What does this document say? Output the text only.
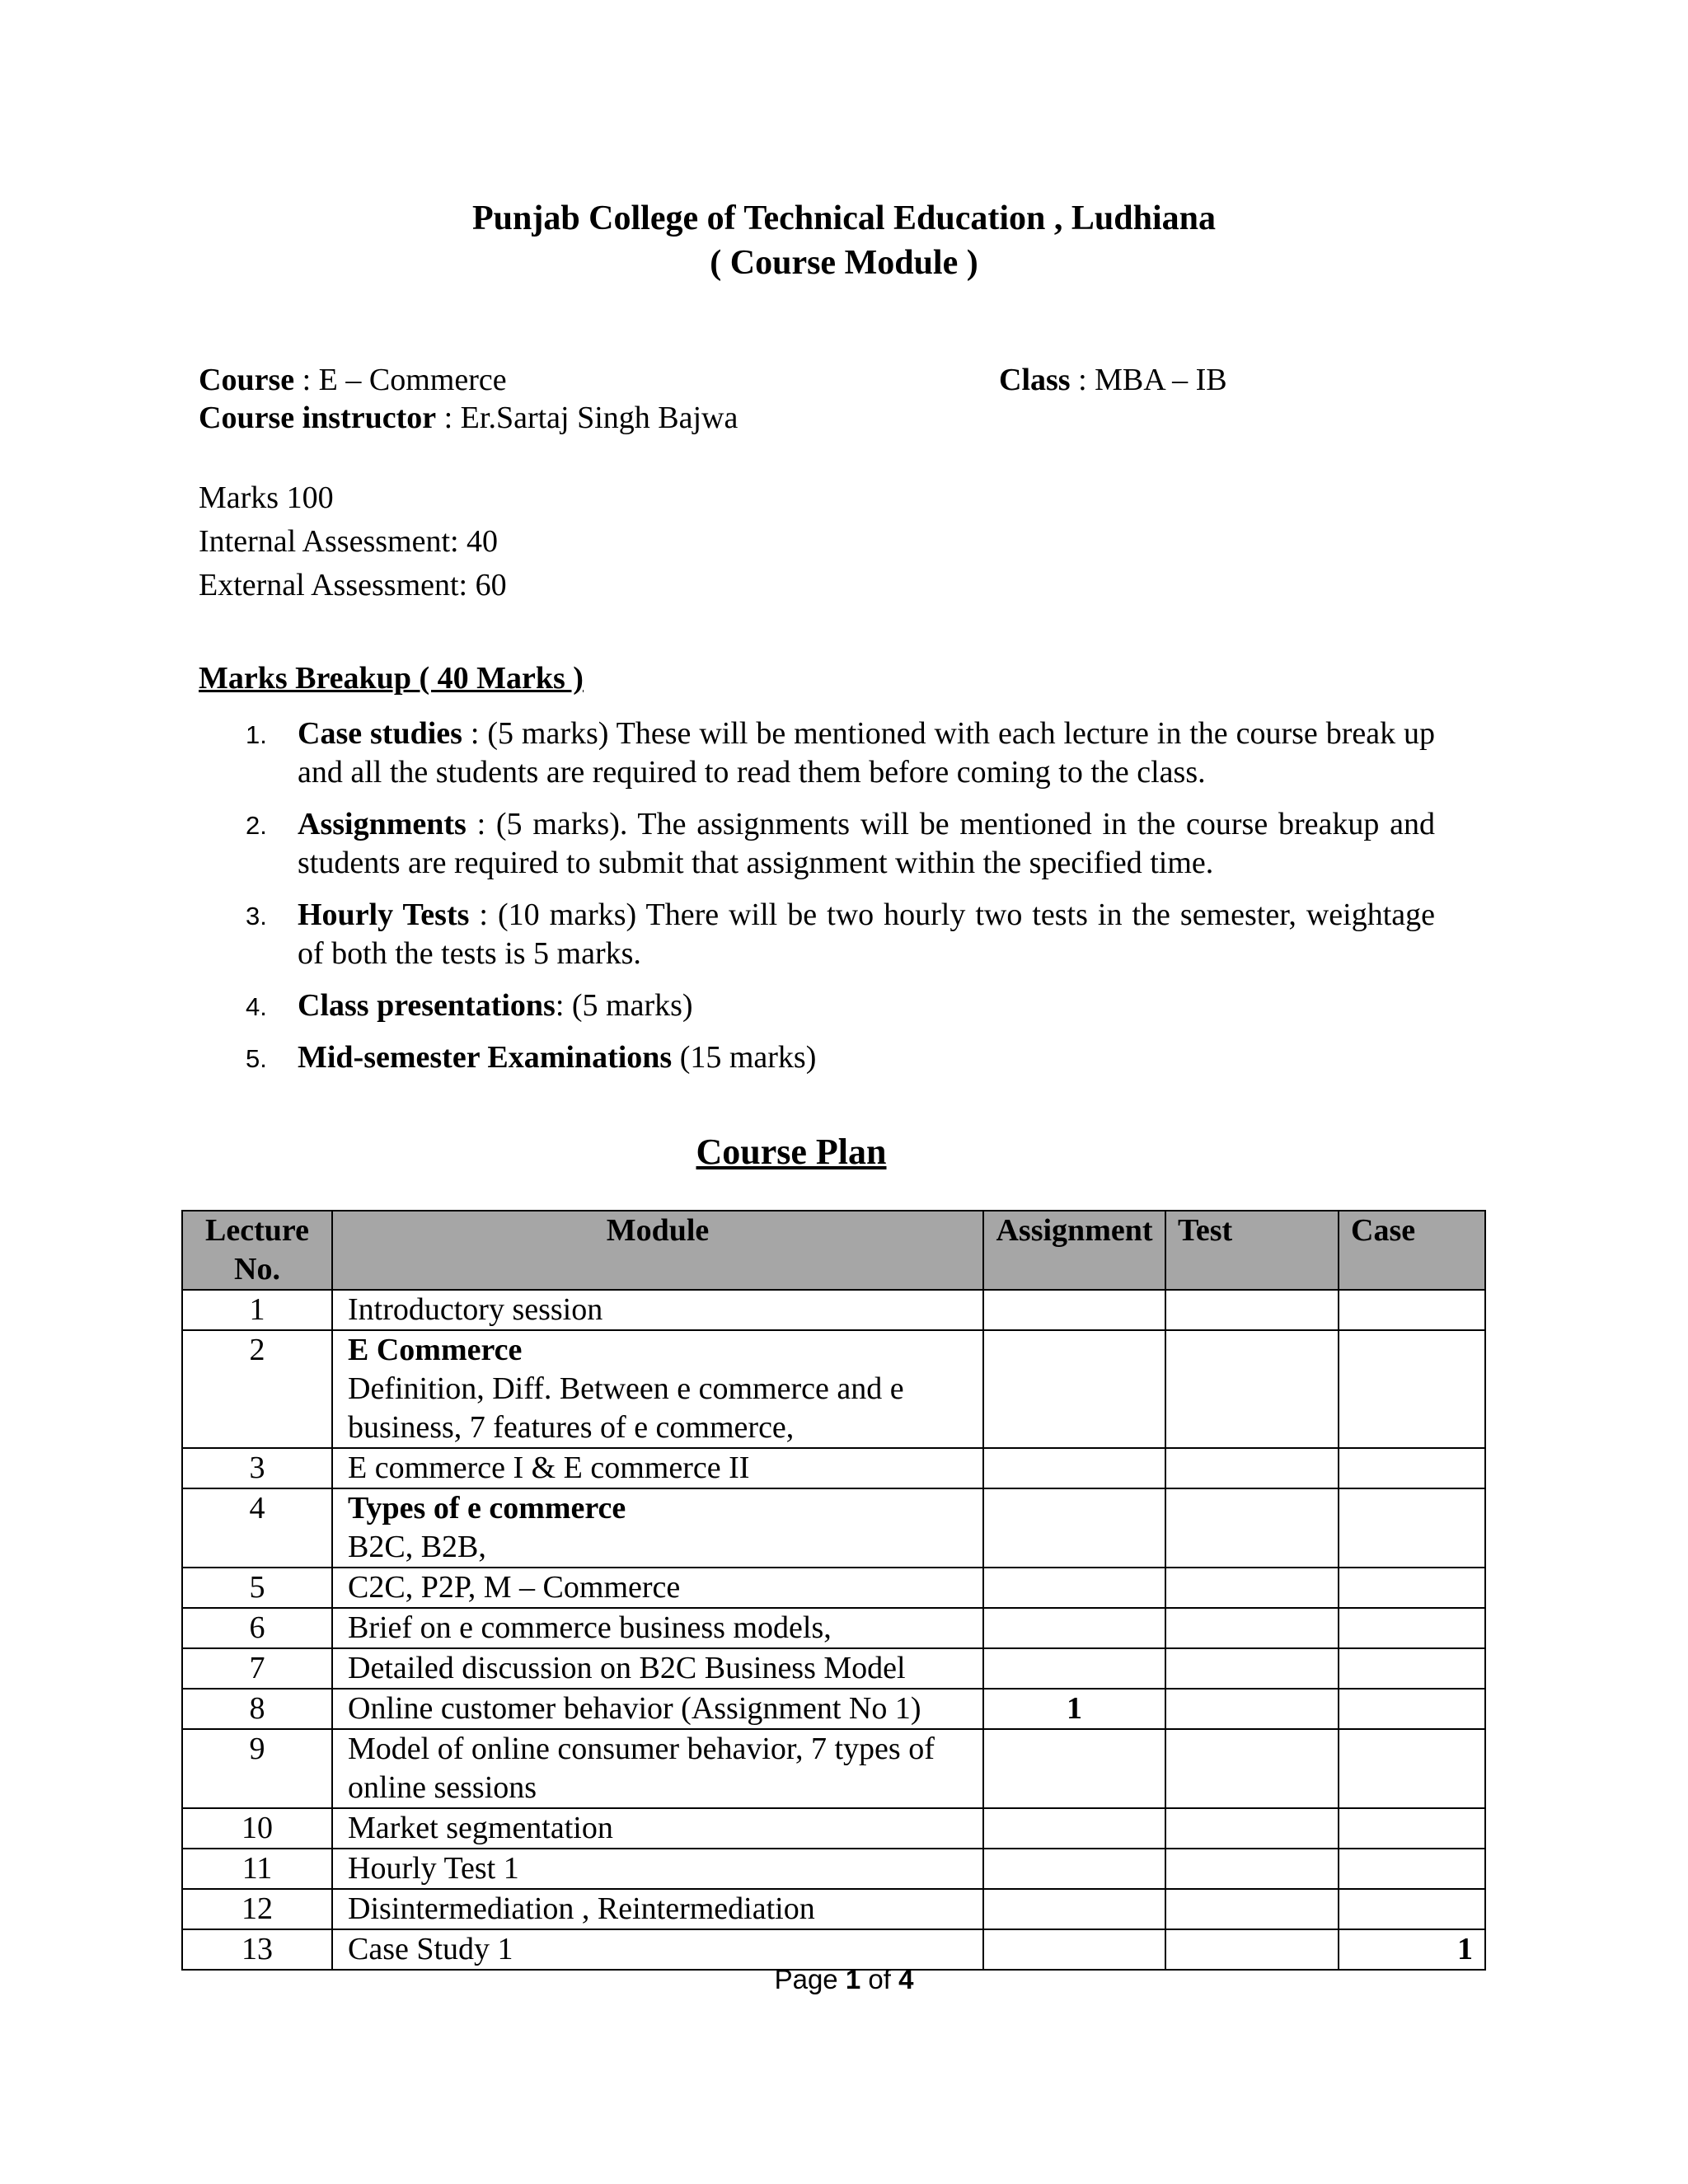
Punjab College of Technical Education , Ludhiana
( Course Module )
Course : E – Commerce	Class : MBA – IB
Course instructor : Er.Sartaj Singh Bajwa
Marks 100
Internal Assessment: 40
External Assessment: 60
Marks Breakup ( 40 Marks )
1. Case studies : (5 marks) These will be mentioned with each lecture in the course break up and all the students are required to read them before coming to the class.
2. Assignments : (5 marks). The assignments will be mentioned in the course breakup and students are required to submit that assignment within the specified time.
3. Hourly Tests : (10 marks) There will be two hourly two tests in the semester, weightage of both the tests is 5 marks.
4. Class presentations: (5 marks)
5. Mid-semester Examinations (15 marks)
Course Plan
Lecture No.	Module	Assignment	Test	Case
1	Introductory session			
2	E Commerce
Definition, Diff. Between e commerce and e business, 7 features of e commerce,			
3	E commerce I & E commerce II			
4	Types of e commerce
B2C, B2B,			
5	C2C, P2P, M – Commerce			
6	Brief on e commerce business models,			
7	Detailed discussion on B2C Business Model			
8	Online customer behavior (Assignment No 1)	1		
9	Model of online consumer behavior, 7 types of online sessions			
10	Market segmentation			
11	Hourly Test 1			
12	Disintermediation , Reintermediation			
13	Case Study 1			1
Page 1 of 4
